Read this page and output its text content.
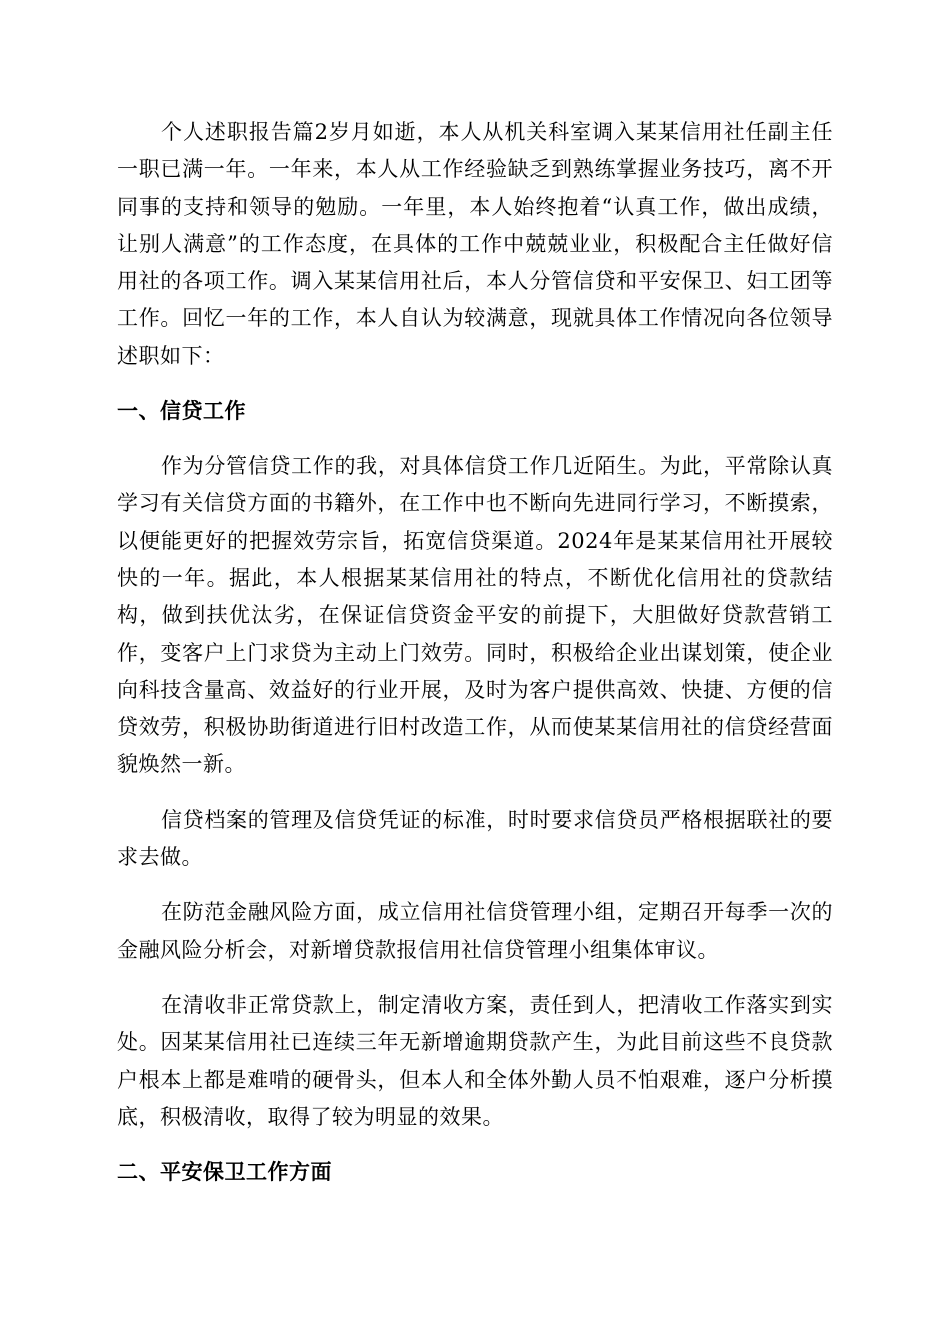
个人述职报告篇2岁月如逝，本人从机关科室调入某某信用社任副主任一职已满一年。一年来，本人从工作经验缺乏到熟练掌握业务技巧，离不开同事的支持和领导的勉励。一年里，本人始终抱着“认真工作，做出成绩，让别人满意”的工作态度，在具体的工作中兢兢业业，积极配合主任做好信用社的各项工作。调入某某信用社后，本人分管信贷和平安保卫、妇工团等工作。回忆一年的工作，本人自认为较满意，现就具体工作情况向各位领导述职如下：

一、信贷工作

作为分管信贷工作的我，对具体信贷工作几近陌生。为此，平常除认真学习有关信贷方面的书籍外，在工作中也不断向先进同行学习，不断摸索，以便能更好的把握效劳宗旨，拓宽信贷渠道。2024年是某某信用社开展较快的一年。据此，本人根据某某信用社的特点，不断优化信用社的贷款结构，做到扶优汰劣，在保证信贷资金平安的前提下，大胆做好贷款营销工作，变客户上门求贷为主动上门效劳。同时，积极给企业出谋划策，使企业向科技含量高、效益好的行业开展，及时为客户提供高效、快捷、方便的信贷效劳，积极协助街道进行旧村改造工作，从而使某某信用社的信贷经营面貌焕然一新。

信贷档案的管理及信贷凭证的标准，时时要求信贷员严格根据联社的要求去做。

在防范金融风险方面，成立信用社信贷管理小组，定期召开每季一次的金融风险分析会，对新增贷款报信用社信贷管理小组集体审议。

在清收非正常贷款上，制定清收方案，责任到人，把清收工作落实到实处。因某某信用社已连续三年无新增逾期贷款产生，为此目前这些不良贷款户根本上都是难啃的硬骨头，但本人和全体外勤人员不怕艰难，逐户分析摸底，积极清收，取得了较为明显的效果。

二、平安保卫工作方面
